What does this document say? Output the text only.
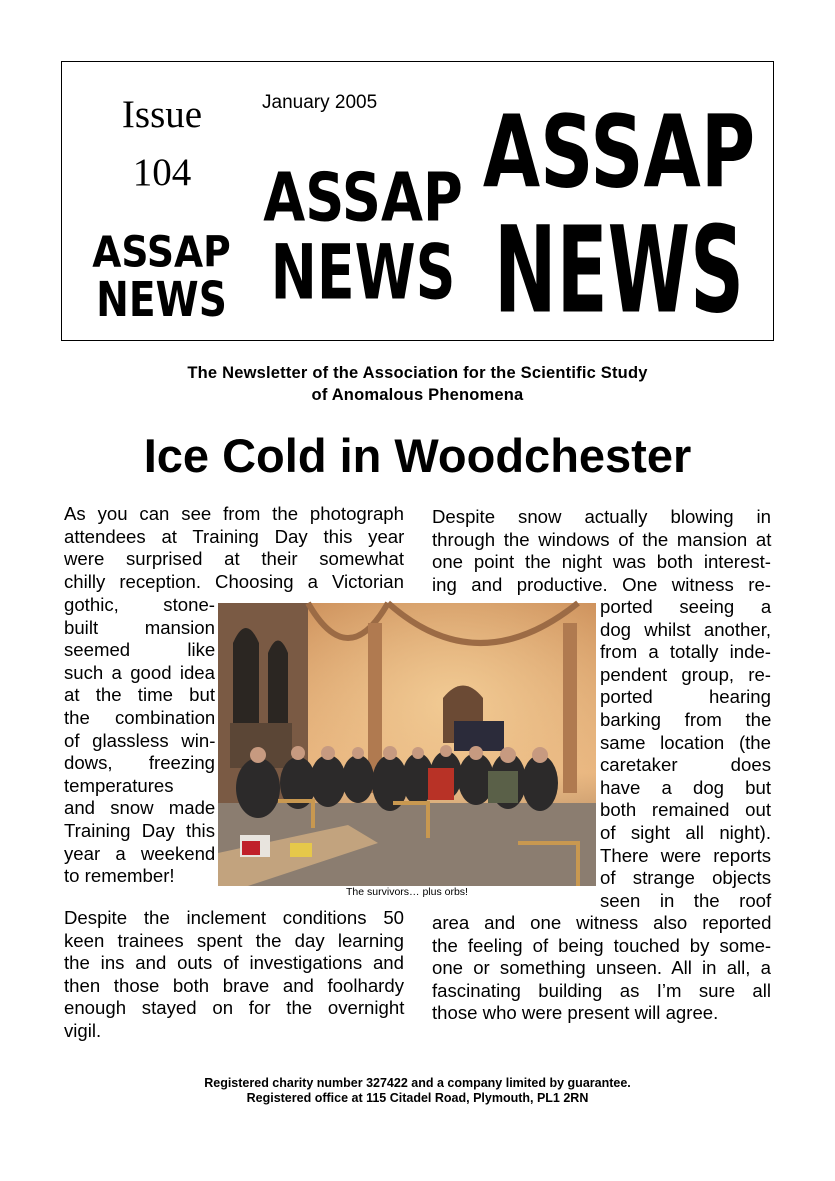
Issue
104
January 2005
ASSAP
NEWS
ASSAP
NEWS
ASSAP
NEWS
The Newsletter of the Association for the Scientific Study
of Anomalous Phenomena
Ice Cold in Woodchester
As you can see from the photograph
attendees at Training Day this year
were surprised at their somewhat
chilly reception. Choosing a Victorian
gothic, stone-
built mansion
seemed like
such a good idea
at the time but
the combination
of glassless win-
dows, freezing
temperatures
and snow made
Training Day this
year a weekend
to remember!
Despite the inclement conditions 50
keen trainees spent the day learning
the ins and outs of investigations and
then those both brave and foolhardy
enough stayed on for the overnight
vigil.
Despite snow actually blowing in
through the windows of the mansion at
one point the night was both interest-
ing and productive. One witness re-
ported seeing a
dog whilst another,
from a totally inde-
pendent group, re-
ported hearing
barking from the
same location (the
caretaker does
have a dog but
both remained out
of sight all night).
There were reports
of strange objects
seen in the roof
area and one witness also reported
the feeling of being touched by some-
one or something unseen. All in all, a
fascinating building as I’m sure all
those who were present will agree.
The survivors… plus orbs!
Registered charity number 327422 and a company limited by guarantee.
Registered office at 115 Citadel Road, Plymouth, PL1 2RN
